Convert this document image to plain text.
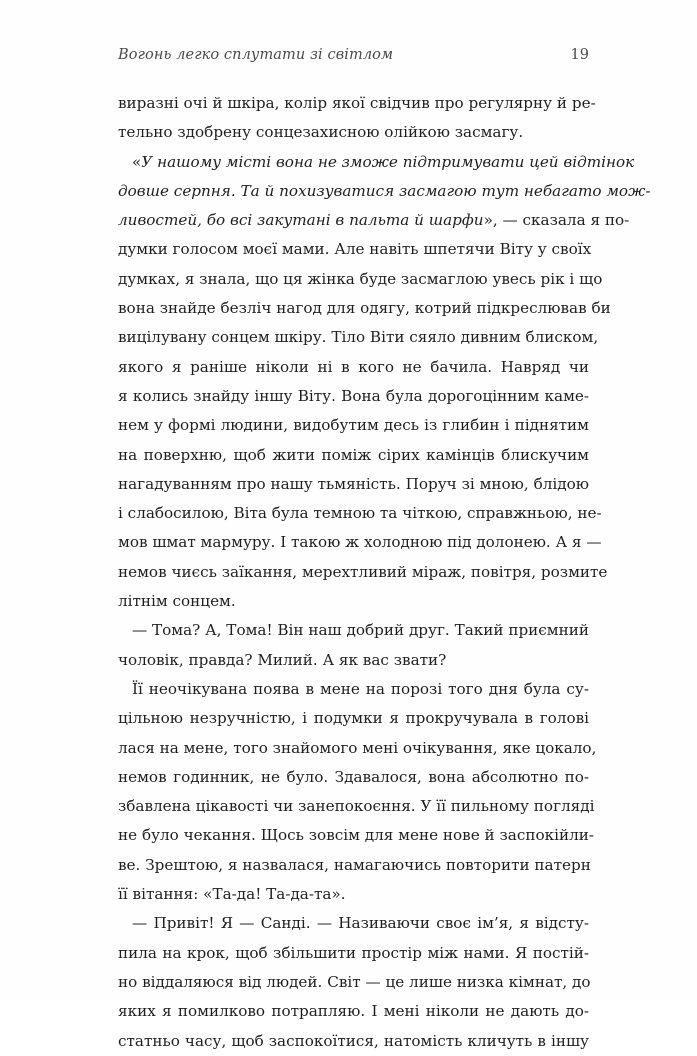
Вогонь легко сплутати зі світлом	19
виразні очі й шкіра, колір якої свідчив про регулярну й ре-
тельно здобрену сонцезахисною олійкою засмагу.
«У нашому місті вона не зможе підтримувати цей відтінок
довше серпня. Та й похизуватися засмагою тут небагато мож-
ливостей, бо всі закутані в пальта й шарфи», — сказала я по-
думки голосом моєї мами. Але навіть шпетячи Віту у своїх
думках, я знала, що ця жінка буде засмаглою увесь рік і що
вона знайде безліч нагод для одягу, котрий підкреслював би
вицілувану сонцем шкіру. Тіло Віти сяяло дивним блиском,
якого я раніше ніколи ні в кого не бачила. Навряд чи
я колись знайду іншу Віту. Вона була дорогоцінним каме-
нем у формі людини, видобутим десь із глибин і піднятим
на поверхню, щоб жити поміж сірих камінців блискучим
нагадуванням про нашу тьмяність. Поруч зі мною, блідою
і слабосилою, Віта була темною та чіткою, справжньою, не-
мов шмат мармуру. І такою ж холодною під долонею. А я —
немов чиєсь заїкання, мерехтливий міраж, повітря, розмите
літнім сонцем.
— Тома? А, Тома! Він наш добрий друг. Такий приємний
чоловік, правда? Милий. А як вас звати?
Її неочікувана поява в мене на порозі того дня була су-
цільною незручністю, і подумки я прокручувала в голові
лася на мене, того знайомого мені очікування, яке цокало,
немов годинник, не було. Здавалося, вона абсолютно по-
збавлена цікавості чи занепокоєння. У її пильному погляді
не було чекання. Щось зовсім для мене нове й заспокійли-
ве. Зрештою, я назвалася, намагаючись повторити патерн
її вітання: «Та-да! Та-да-та».
— Привіт! Я — Санді. — Називаючи своє ім’я, я відсту-
пила на крок, щоб збільшити простір між нами. Я постій-
но віддаляюся від людей. Світ — це лише низка кімнат, до
яких я помилково потрапляю. І мені ніколи не дають до-
статньо часу, щоб заспокоїтися, натомість кличуть в іншу
